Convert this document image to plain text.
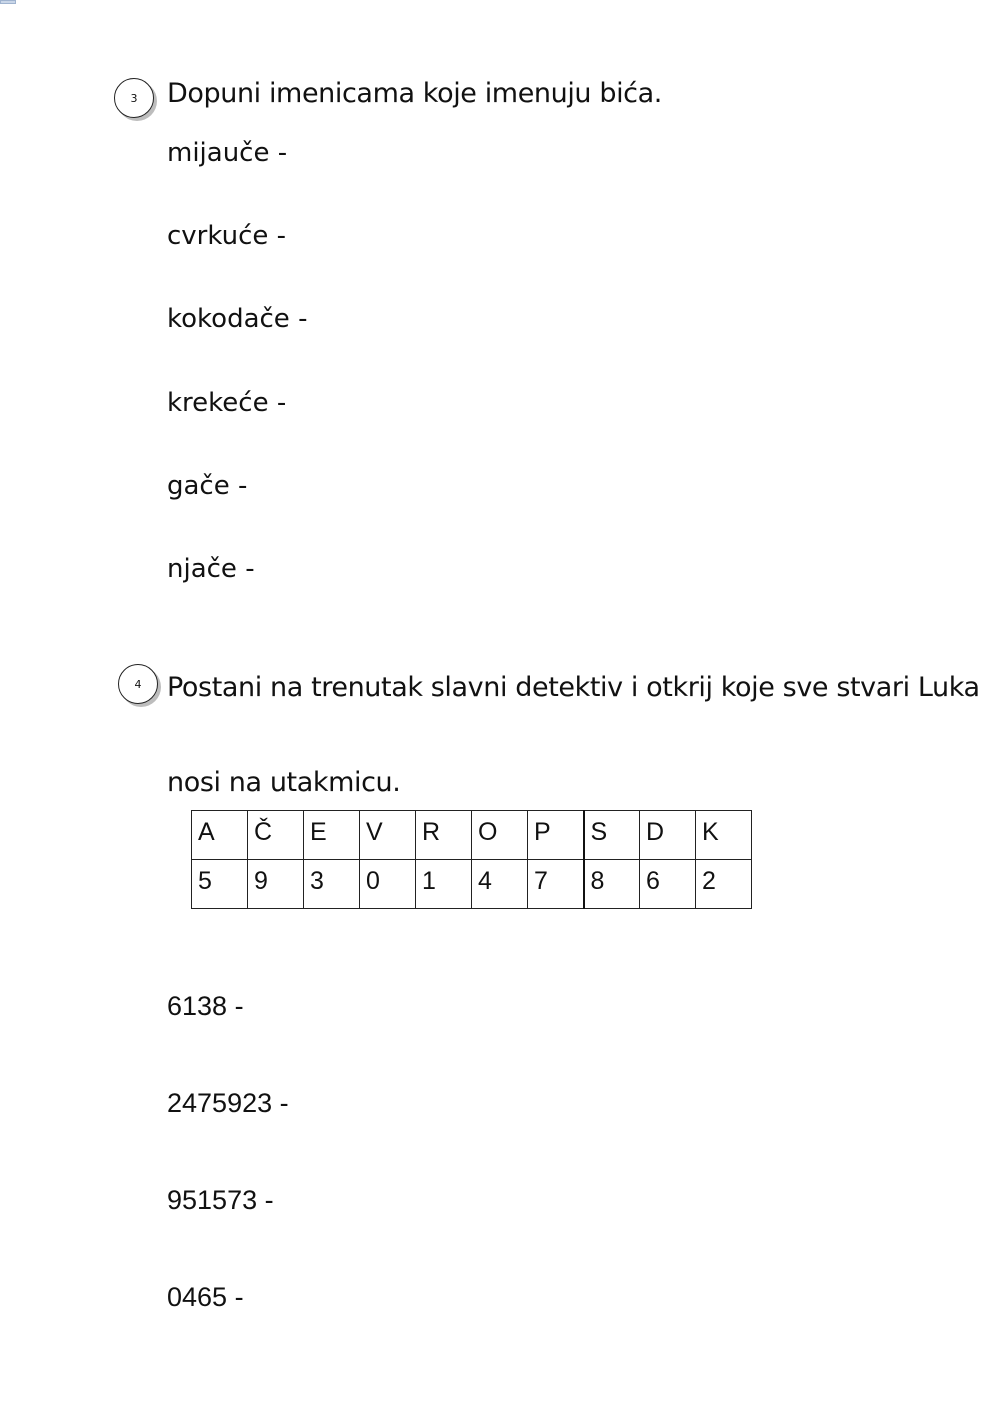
3	Dopuni imenicama koje imenuju bića.
mijauče -
cvrkuće -
kokodače -
krekeće -
gače -
njače -
4 Postani na trenutak slavni detektiv i otkrij koje sve stvari Luka
nosi na utakmicu.
A	Č	E	V	R	O	P	S	D	K
5	9	3	0	1	4	7	8	6	2
6138 -
2475923 -
951573 -
0465 -
